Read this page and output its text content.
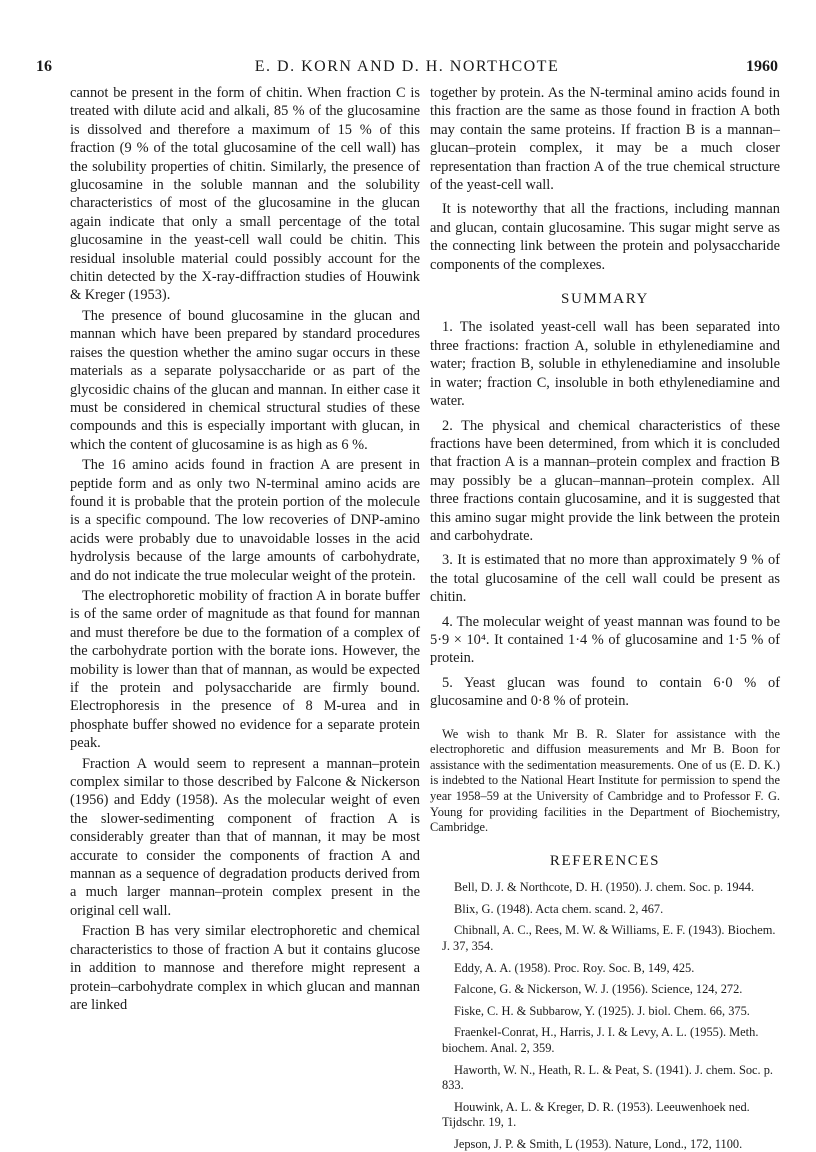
16	E. D. KORN AND D. H. NORTHCOTE	1960

cannot be present in the form of chitin. When fraction C is treated with dilute acid and alkali, 85 % of the glucosamine is dissolved and therefore a maximum of 15 % of this fraction (9 % of the total glucosamine of the cell wall) has the solubility properties of chitin. Similarly, the presence of glucosamine in the soluble mannan and the solubility characteristics of most of the glucosamine in the glucan again indicate that only a small percentage of the total glucosamine in the yeast-cell wall could be chitin. This residual insoluble material could possibly account for the chitin detected by the X-ray-diffraction studies of Houwink & Kreger (1953).

The presence of bound glucosamine in the glucan and mannan which have been prepared by standard procedures raises the question whether the amino sugar occurs in these materials as a separate polysaccharide or as part of the glycosidic chains of the glucan and mannan. In either case it must be considered in chemical structural studies of these compounds and this is especially important with glucan, in which the content of glucosamine is as high as 6 %.

The 16 amino acids found in fraction A are present in peptide form and as only two N-terminal amino acids are found it is probable that the protein portion of the molecule is a specific compound. The low recoveries of DNP-amino acids were probably due to unavoidable losses in the acid hydrolysis because of the large amounts of carbohydrate, and do not indicate the true molecular weight of the protein.

The electrophoretic mobility of fraction A in borate buffer is of the same order of magnitude as that found for mannan and must therefore be due to the formation of a complex of the carbohydrate portion with the borate ions. However, the mobility is lower than that of mannan, as would be expected if the protein and polysaccharide are firmly bound. Electrophoresis in the presence of 8 M-urea and in phosphate buffer showed no evidence for a separate protein peak.

Fraction A would seem to represent a mannan–protein complex similar to those described by Falcone & Nickerson (1956) and Eddy (1958). As the molecular weight of even the slower-sedimenting component of fraction A is considerably greater than that of mannan, it may be most accurate to consider the components of fraction A and mannan as a sequence of degradation products derived from a much larger mannan–protein complex present in the original cell wall.

Fraction B has very similar electrophoretic and chemical characteristics to those of fraction A but it contains glucose in addition to mannose and therefore might represent a protein–carbohydrate complex in which glucan and mannan are linked

together by protein. As the N-terminal amino acids found in this fraction are the same as those found in fraction A both may contain the same proteins. If fraction B is a mannan–glucan–protein complex, it may be a much closer representation than fraction A of the true chemical structure of the yeast-cell wall.

It is noteworthy that all the fractions, including mannan and glucan, contain glucosamine. This sugar might serve as the connecting link between the protein and polysaccharide components of the complexes.

SUMMARY

1. The isolated yeast-cell wall has been separated into three fractions: fraction A, soluble in ethylenediamine and water; fraction B, soluble in ethylenediamine and insoluble in water; fraction C, insoluble in both ethylenediamine and water.

2. The physical and chemical characteristics of these fractions have been determined, from which it is concluded that fraction A is a mannan–protein complex and fraction B may possibly be a glucan–mannan–protein complex. All three fractions contain glucosamine, and it is suggested that this amino sugar might provide the link between the protein and carbohydrate.

3. It is estimated that no more than approximately 9 % of the total glucosamine of the cell wall could be present as chitin.

4. The molecular weight of yeast mannan was found to be 5·9 × 10⁴. It contained 1·4 % of glucosamine and 1·5 % of protein.

5. Yeast glucan was found to contain 6·0 % of glucosamine and 0·8 % of protein.

We wish to thank Mr B. R. Slater for assistance with the electrophoretic and diffusion measurements and Mr B. Boon for assistance with the sedimentation measurements. One of us (E. D. K.) is indebted to the National Heart Institute for permission to spend the year 1958–59 at the University of Cambridge and to Professor F. G. Young for providing facilities in the Department of Biochemistry, Cambridge.

REFERENCES

Bell, D. J. & Northcote, D. H. (1950). J. chem. Soc. p. 1944.

Blix, G. (1948). Acta chem. scand. 2, 467.

Chibnall, A. C., Rees, M. W. & Williams, E. F. (1943). Biochem. J. 37, 354.

Eddy, A. A. (1958). Proc. Roy. Soc. B, 149, 425.

Falcone, G. & Nickerson, W. J. (1956). Science, 124, 272.

Fiske, C. H. & Subbarow, Y. (1925). J. biol. Chem. 66, 375.

Fraenkel-Conrat, H., Harris, J. I. & Levy, A. L. (1955). Meth. biochem. Anal. 2, 359.

Haworth, W. N., Heath, R. L. & Peat, S. (1941). J. chem. Soc. p. 833.

Houwink, A. L. & Kreger, D. R. (1953). Leeuwenhoek ned. Tijdschr. 19, 1.

Jepson, J. P. & Smith, L (1953). Nature, Lond., 172, 1100.
